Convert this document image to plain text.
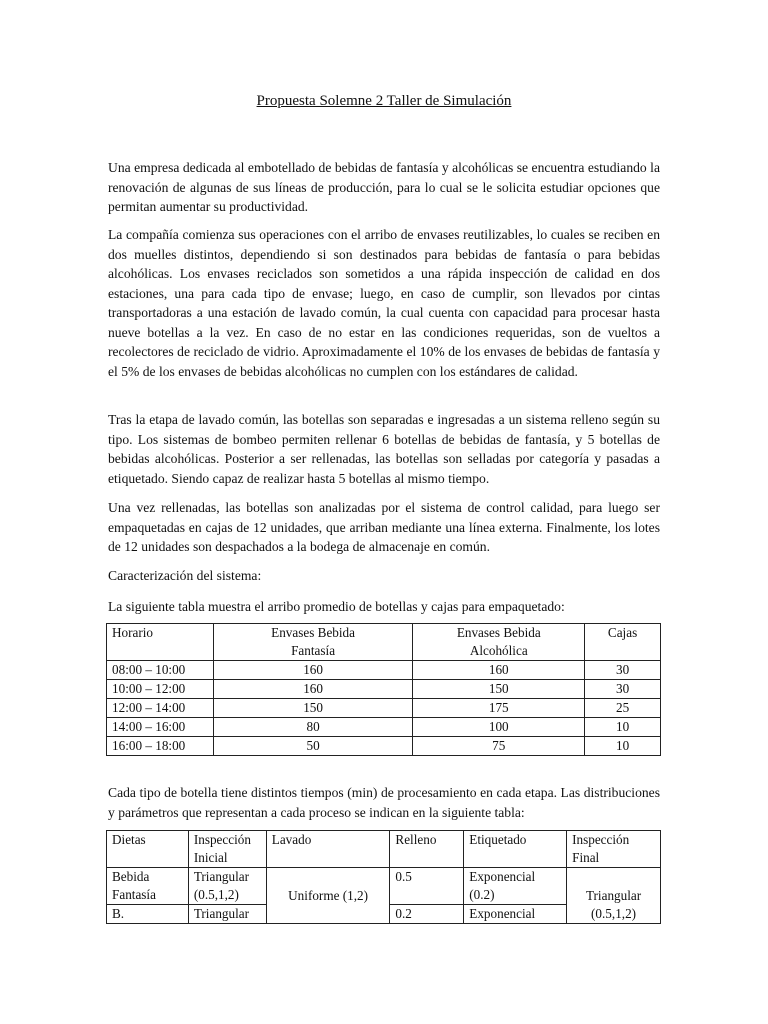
Propuesta Solemne 2 Taller de Simulación
Una empresa dedicada al embotellado de bebidas de fantasía y alcohólicas se encuentra estudiando la renovación de algunas de sus líneas de producción, para lo cual se le solicita estudiar opciones que permitan aumentar su productividad.
La compañía comienza sus operaciones con el arribo de envases reutilizables, lo cuales se reciben en dos muelles distintos, dependiendo si son destinados para bebidas de fantasía o para bebidas alcohólicas. Los envases reciclados son sometidos a una rápida inspección de calidad en dos estaciones, una para cada tipo de envase; luego, en caso de cumplir, son llevados por cintas transportadoras a una estación de lavado común, la cual cuenta con capacidad para procesar hasta nueve botellas a la vez. En caso de no estar en las condiciones requeridas, son de vueltos a recolectores de reciclado de vidrio. Aproximadamente el 10% de los envases de bebidas de fantasía y el 5% de los envases de bebidas alcohólicas no cumplen con los estándares de calidad.
Tras la etapa de lavado común, las botellas son separadas e ingresadas a un sistema relleno según su tipo. Los sistemas de bombeo permiten rellenar 6 botellas de bebidas de fantasía, y 5 botellas de bebidas alcohólicas. Posterior a ser rellenadas, las botellas son selladas por categoría y pasadas a etiquetado. Siendo capaz de realizar hasta 5 botellas al mismo tiempo.
Una vez rellenadas, las botellas son analizadas por el sistema de control calidad, para luego ser empaquetadas en cajas de 12 unidades, que arriban mediante una línea externa. Finalmente, los lotes de 12 unidades son despachados a la bodega de almacenaje en común.
Caracterización del sistema:
La siguiente tabla muestra el arribo promedio de botellas y cajas para empaquetado:
Horario	Envases Bebida Fantasía	Envases Bebida Alcohólica	Cajas
08:00 – 10:00	160	160	30
10:00 – 12:00	160	150	30
12:00 – 14:00	150	175	25
14:00 – 16:00	80	100	10
16:00 – 18:00	50	75	10
Cada tipo de botella tiene distintos tiempos (min) de procesamiento en cada etapa. Las distribuciones y parámetros que representan a cada proceso se indican en la siguiente tabla:
Dietas	Inspección Inicial	Lavado	Relleno	Etiquetado	Inspección Final
Bebida Fantasía	Triangular (0.5,1,2)	Uniforme (1,2)	0.5	Exponencial (0.2)	Triangular (0.5,1,2)
B.	Triangular		0.2	Exponencial	
